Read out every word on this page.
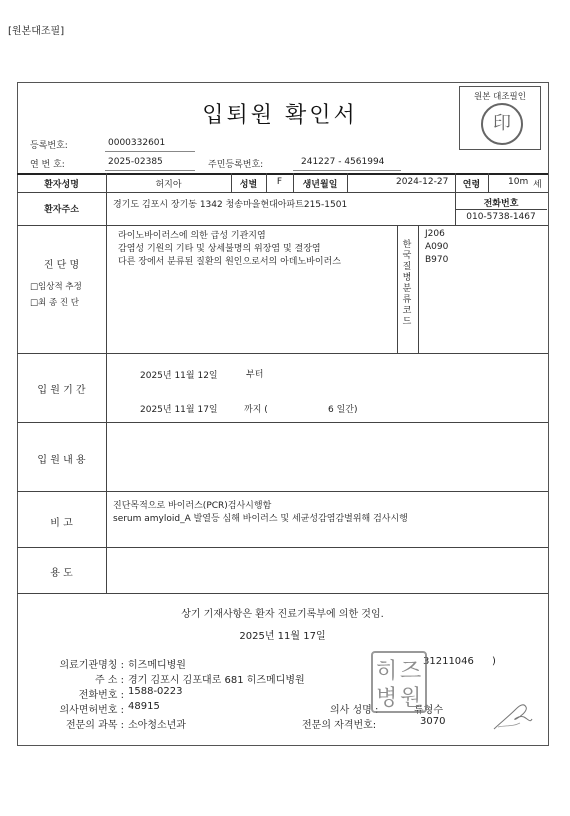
[원본대조필]
입퇴원 확인서
원본 대조필인
印
등록번호:	0000332601
연 번 호:	2025-02385	주민등록번호:	241227 - 4561994
환자성명	허지아	성별	F	생년월일	2024-12-27	연령	10m 세
환자주소	경기도 김포시 장기동 1342 청송마을현대아파트215-1501	전화번호
010-5738-1467
진 단 명
□임상적 추정
□최 종 진 단
라이노바이러스에 의한 급성 기관지염
감염성 기원의 기타 및 상세불명의 위장염 및 결장염
다른 장에서 분류된 질환의 원인으로서의 아데노바이러스
한국질병분류코드
J206
A090
B970
입 원 기 간
2025년 11월 12일	부터
2025년 11월 17일	까지 (	6 일간)
입 원 내 용
비 고
진단목적으로 바이러스(PCR)검사시행함
serum amyloid_A 발열등 심해 바이러스 및 세균성감염감별위해 검사시행
용 도
상기 기재사항은 환자 진료기록부에 의한 것임.
2025년 11월 17일
의료기관명칭 : 히즈메디병원	31211046 )
주 소 : 경기 김포시 김포대로 681 히즈메디병원
전화번호 : 1588-0223
의사면허번호 : 48915	의사 성명 :	류형수
전문의 과목 : 소아청소년과	전문의 자격번호:	3070
히 즈
병 원
